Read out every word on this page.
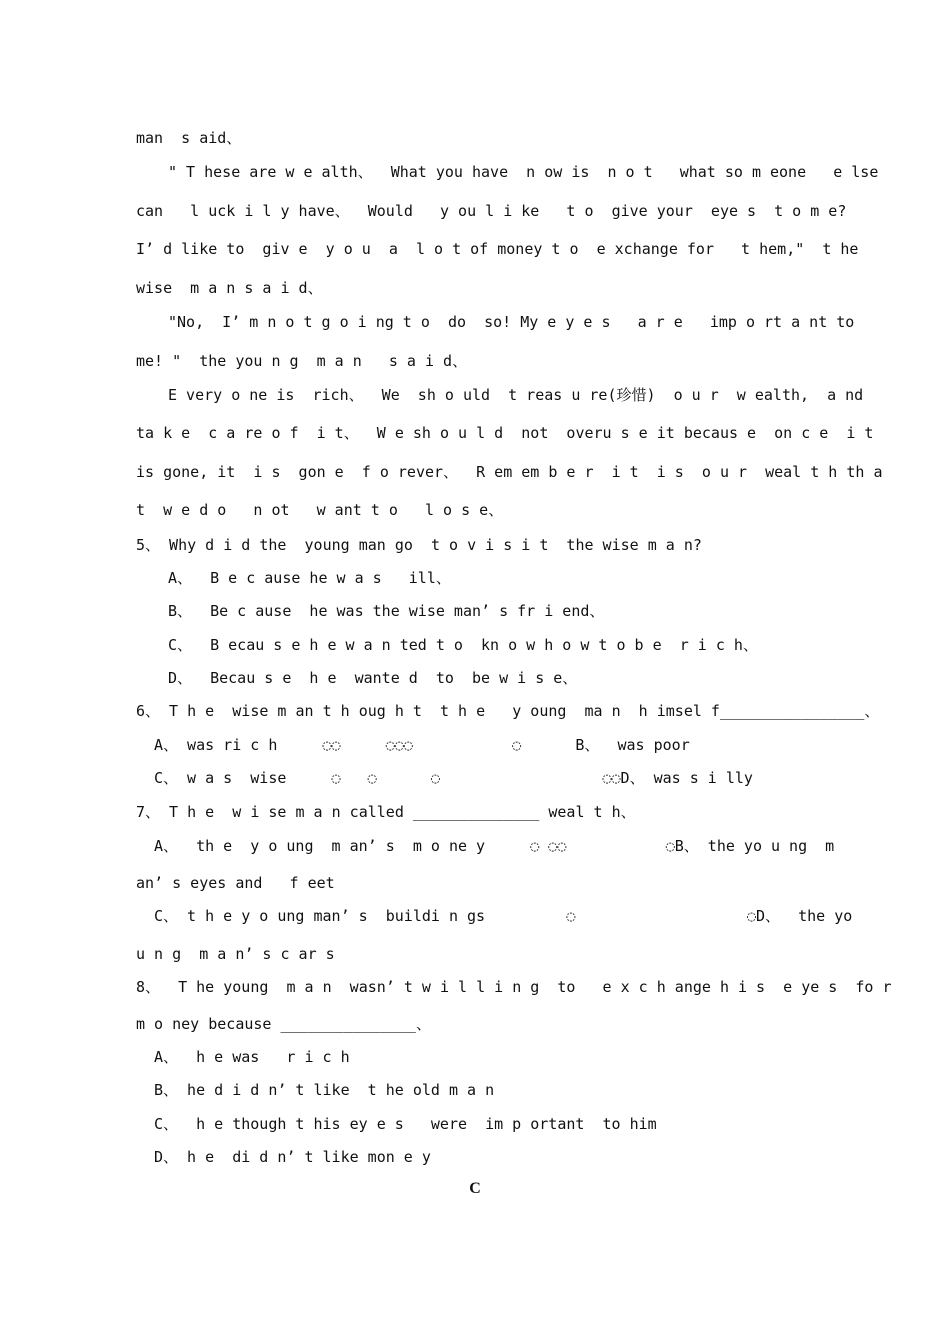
man  s aid、
" T hese are w e alth、  What you have  n ow is  n o t   what so m eone   e lse
can   l uck i l y have、  Would   y ou l i ke   t o  give your  eye s  t o m e?
I’ d like to  giv e  y o u  a  l o t of money t o  e xchange for   t hem,"  t he
wise  m a n s a i d、
"No,  I’ m n o t g o i ng t o  do  so! My e y e s   a r e   imp o rt a nt to
me! "  the you n g  m a n   s a i d、
E very o ne is  rich、  We  sh o uld  t reas u re(珍惜)  o u r  w ealth,  a nd
ta k e  c a re o f  i t、  W e sh o u l d  not  overu s e it becaus e  on c e  i t
is gone, it  i s  gon e  f o rever、  R em em b e r  i t  i s  o u r  weal t h th a
t  w e d o   n ot   w ant t o   l o s e、
5、 Why d i d the  young man go  t o v i s i t  the wise m a n?
A、  B e c ause he w a s   ill、
B、  Be c ause  he was the wise man’ s fr i end、
C、  B ecau s e h e w a n ted t o  kn o w h o w t o b e  r i c h、
D、  Becau s e  h e  wante d  to  be w i s e、
6、 T h e  wise m an t h oug h t  t h e   y oung  ma n  h imsel f________________、
A、 was ri c h     ◌◌     ◌◌◌           ◌      B、  was poor
C、 w a s  wise     ◌   ◌      ◌                  ◌◌D、 was s i lly
7、 T h e  w i se m a n called ______________ weal t h、
A、  th e  y o ung  m an’ s  m o ne y     ◌ ◌◌           ◌B、 the yo u ng  m
an’ s eyes and   f eet
C、 t h e y o ung man’ s  buildi n gs         ◌                   ◌D、  the yo
u n g  m a n’ s c ar s
8、  T he young  m a n  wasn’ t w i l l i n g  to   e x c h ange h i s  e ye s  fo r
m o ney because _______________、
A、  h e was   r i c h
B、 he d i d n’ t like  t he old m a n
C、  h e though t his ey e s   were  im p ortant  to him
D、 h e  di d n’ t like mon e y
C
